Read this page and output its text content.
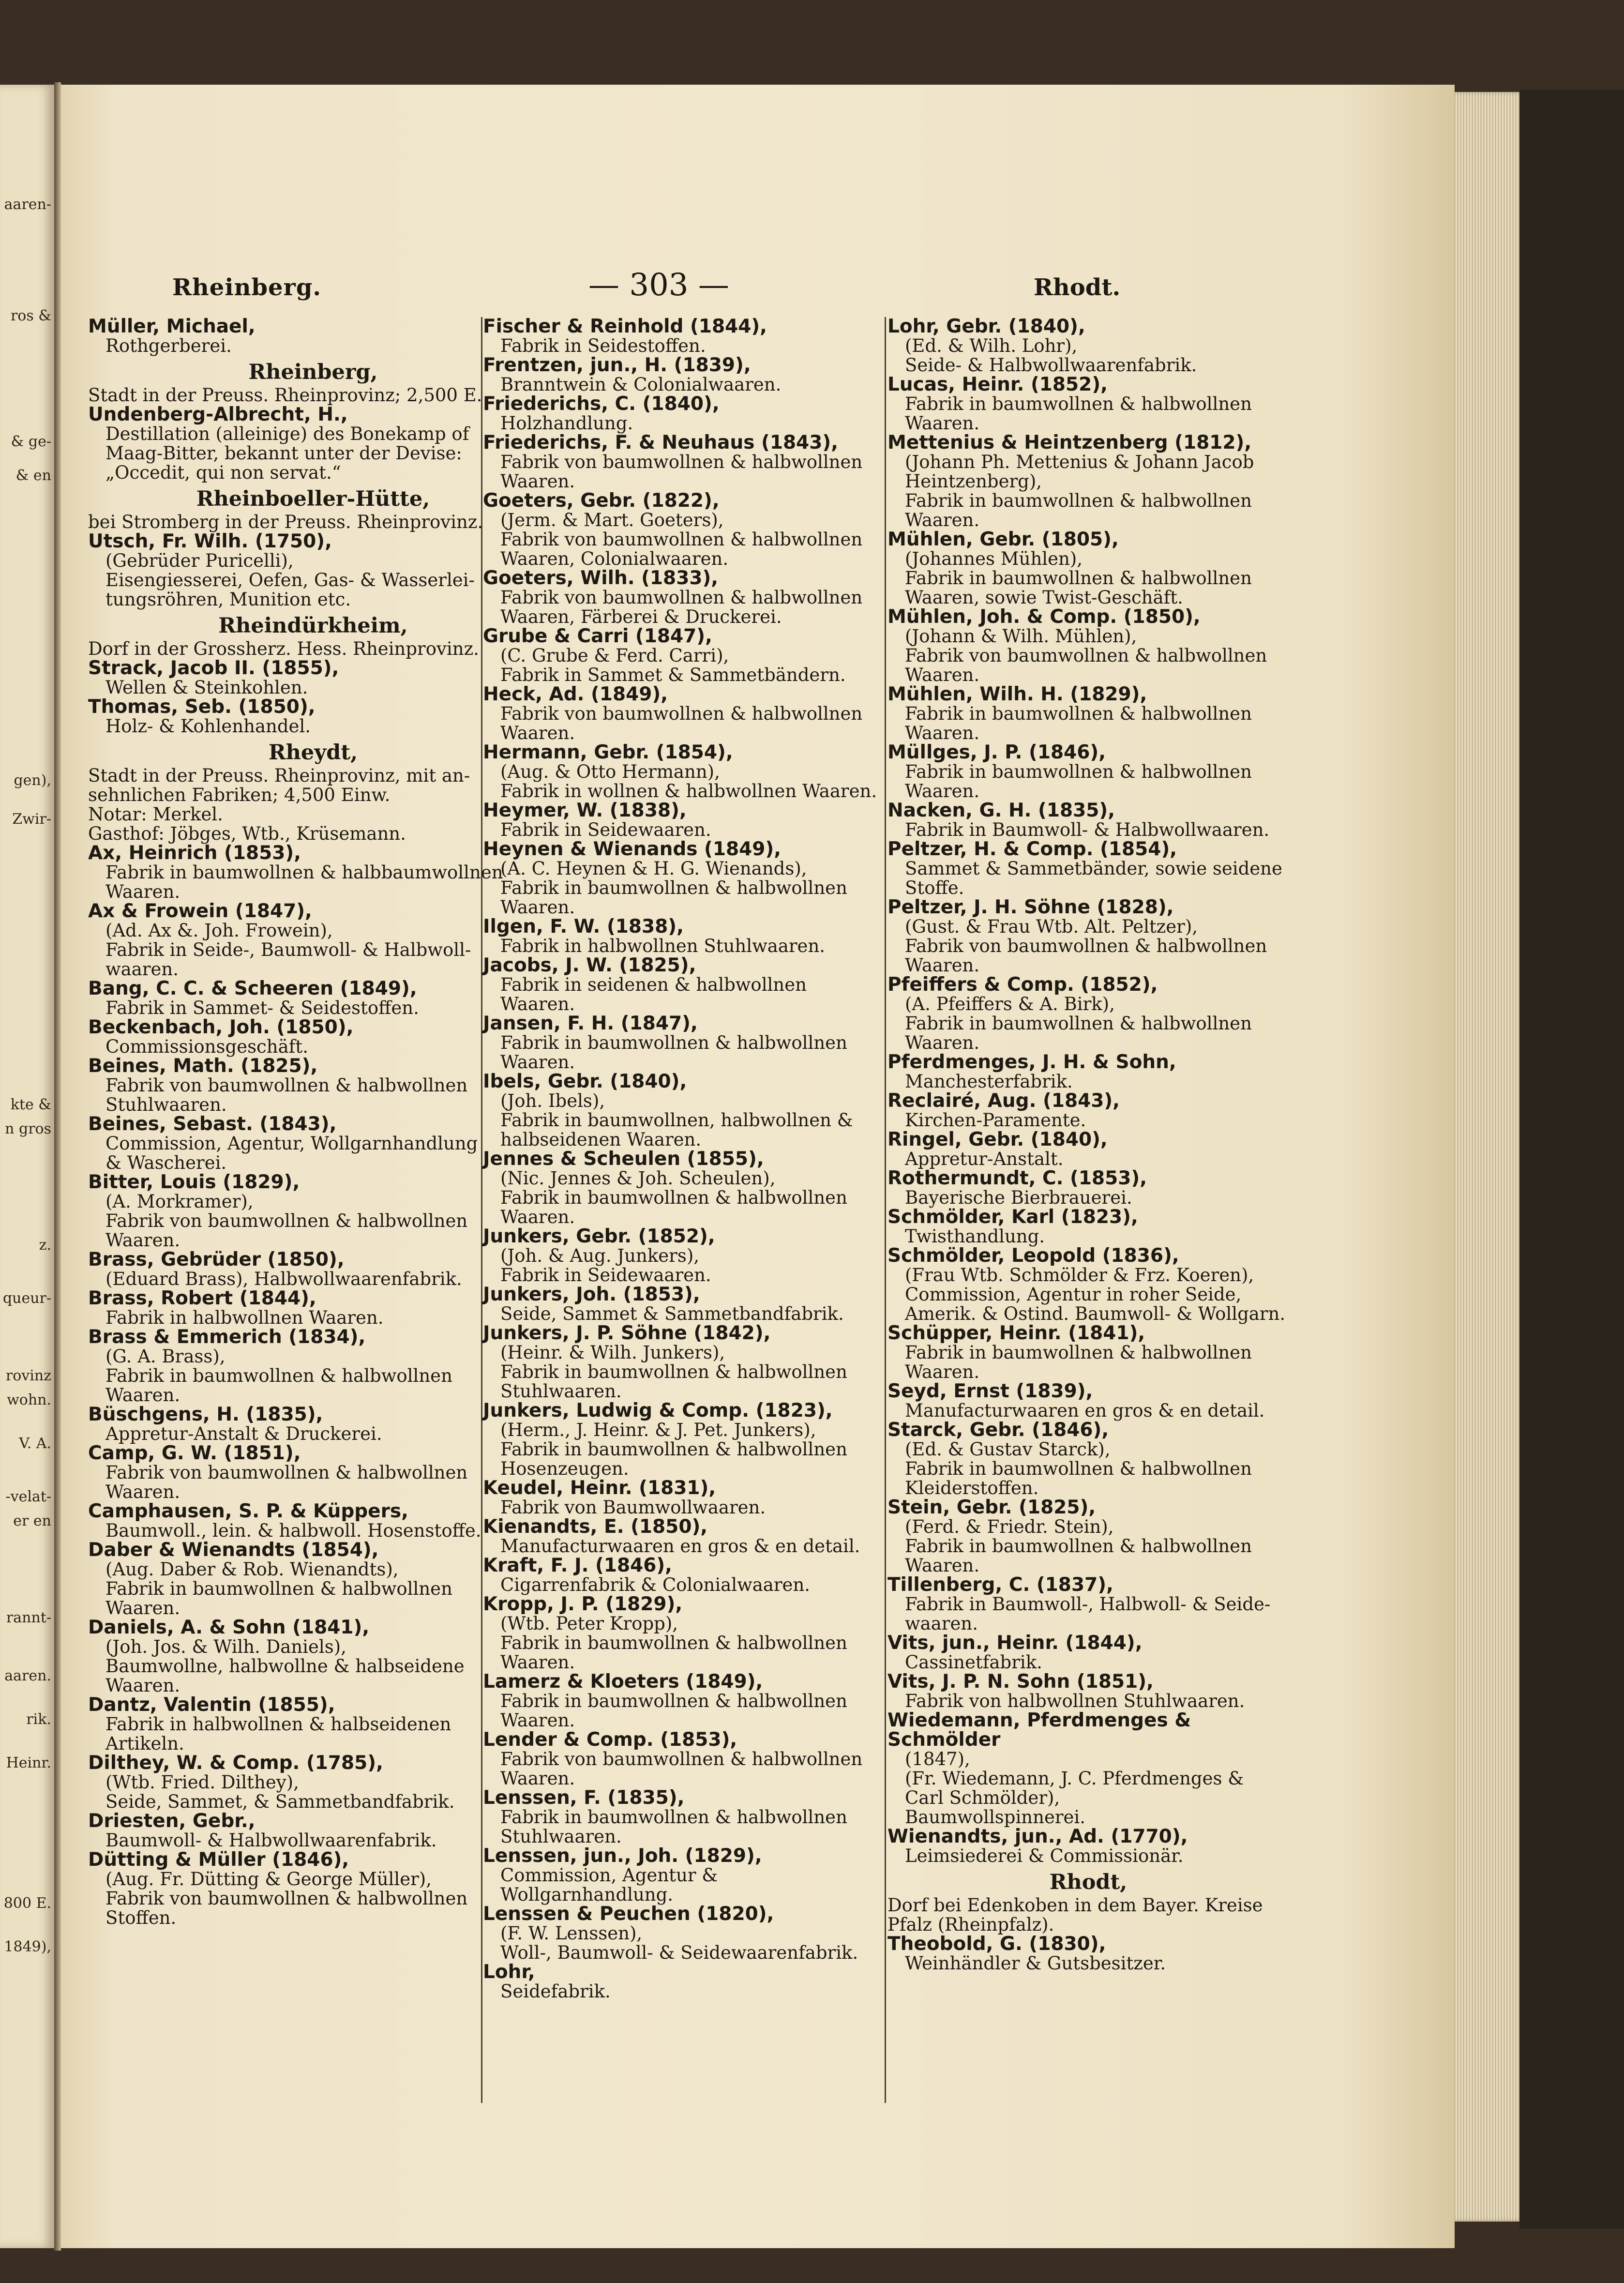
aaren-
ros &
& ge-
& en
gen),
Zwir-
kte &
n gros
z.
queur-
rovinz
wohn.
V. A.
-velat-
er en
rannt-
aaren.
rik.
Heinr.
800 E.
1849),
Rheinberg.	— 303 —	Rhodt.
Müller, Michael,
Rothgerberei.
Rheinberg,
Stadt in der Preuss. Rheinprovinz; 2,500 E.
Undenberg-Albrecht, H.,
Destillation (alleinige) des Bonekamp of
Maag-Bitter, bekannt unter der Devise:
„Occedit, qui non servat.“
Rheinboeller-Hütte,
bei Stromberg in der Preuss. Rheinprovinz.
Utsch, Fr. Wilh. (1750),
(Gebrüder Puricelli),
Eisengiesserei, Oefen, Gas- & Wasserlei-
tungsröhren, Munition etc.
Rheindürkheim,
Dorf in der Grossherz. Hess. Rheinprovinz.
Strack, Jacob II. (1855),
Wellen & Steinkohlen.
Thomas, Seb. (1850),
Holz- & Kohlenhandel.
Rheydt,
Stadt in der Preuss. Rheinprovinz, mit an-
sehnlichen Fabriken; 4,500 Einw.
Notar: Merkel.
Gasthof: Jöbges, Wtb., Krüsemann.
Ax, Heinrich (1853),
Fabrik in baumwollnen & halbbaumwollnen
Waaren.
Ax & Frowein (1847),
(Ad. Ax &. Joh. Frowein),
Fabrik in Seide-, Baumwoll- & Halbwoll-
waaren.
Bang, C. C. & Scheeren (1849),
Fabrik in Sammet- & Seidestoffen.
Beckenbach, Joh. (1850),
Commissionsgeschäft.
Beines, Math. (1825),
Fabrik von baumwollnen & halbwollnen
Stuhlwaaren.
Beines, Sebast. (1843),
Commission, Agentur, Wollgarnhandlung
& Wascherei.
Bitter, Louis (1829),
(A. Morkramer),
Fabrik von baumwollnen & halbwollnen
Waaren.
Brass, Gebrüder (1850),
(Eduard Brass), Halbwollwaarenfabrik.
Brass, Robert (1844),
Fabrik in halbwollnen Waaren.
Brass & Emmerich (1834),
(G. A. Brass),
Fabrik in baumwollnen & halbwollnen
Waaren.
Büschgens, H. (1835),
Appretur-Anstalt & Druckerei.
Camp, G. W. (1851),
Fabrik von baumwollnen & halbwollnen
Waaren.
Camphausen, S. P. & Küppers,
Baumwoll., lein. & halbwoll. Hosenstoffe.
Daber & Wienandts (1854),
(Aug. Daber & Rob. Wienandts),
Fabrik in baumwollnen & halbwollnen
Waaren.
Daniels, A. & Sohn (1841),
(Joh. Jos. & Wilh. Daniels),
Baumwollne, halbwollne & halbseidene
Waaren.
Dantz, Valentin (1855),
Fabrik in halbwollnen & halbseidenen
Artikeln.
Dilthey, W. & Comp. (1785),
(Wtb. Fried. Dilthey),
Seide, Sammet, & Sammetbandfabrik.
Driesten, Gebr.,
Baumwoll- & Halbwollwaarenfabrik.
Dütting & Müller (1846),
(Aug. Fr. Dütting & George Müller),
Fabrik von baumwollnen & halbwollnen
Stoffen.
Fischer & Reinhold (1844),
Fabrik in Seidestoffen.
Frentzen, jun., H. (1839),
Branntwein & Colonialwaaren.
Friederichs, C. (1840),
Holzhandlung.
Friederichs, F. & Neuhaus (1843),
Fabrik von baumwollnen & halbwollnen
Waaren.
Goeters, Gebr. (1822),
(Jerm. & Mart. Goeters),
Fabrik von baumwollnen & halbwollnen
Waaren, Colonialwaaren.
Goeters, Wilh. (1833),
Fabrik von baumwollnen & halbwollnen
Waaren, Färberei & Druckerei.
Grube & Carri (1847),
(C. Grube & Ferd. Carri),
Fabrik in Sammet & Sammetbändern.
Heck, Ad. (1849),
Fabrik von baumwollnen & halbwollnen
Waaren.
Hermann, Gebr. (1854),
(Aug. & Otto Hermann),
Fabrik in wollnen & halbwollnen Waaren.
Heymer, W. (1838),
Fabrik in Seidewaaren.
Heynen & Wienands (1849),
(A. C. Heynen & H. G. Wienands),
Fabrik in baumwollnen & halbwollnen
Waaren.
Ilgen, F. W. (1838),
Fabrik in halbwollnen Stuhlwaaren.
Jacobs, J. W. (1825),
Fabrik in seidenen & halbwollnen Waaren.
Jansen, F. H. (1847),
Fabrik in baumwollnen & halbwollnen
Waaren.
Ibels, Gebr. (1840),
(Joh. Ibels),
Fabrik in baumwollnen, halbwollnen &
halbseidenen Waaren.
Jennes & Scheulen (1855),
(Nic. Jennes & Joh. Scheulen),
Fabrik in baumwollnen & halbwollnen
Waaren.
Junkers, Gebr. (1852),
(Joh. & Aug. Junkers),
Fabrik in Seidewaaren.
Junkers, Joh. (1853),
Seide, Sammet & Sammetbandfabrik.
Junkers, J. P. Söhne (1842),
(Heinr. & Wilh. Junkers),
Fabrik in baumwollnen & halbwollnen
Stuhlwaaren.
Junkers, Ludwig & Comp. (1823),
(Herm., J. Heinr. & J. Pet. Junkers),
Fabrik in baumwollnen & halbwollnen
Hosenzeugen.
Keudel, Heinr. (1831),
Fabrik von Baumwollwaaren.
Kienandts, E. (1850),
Manufacturwaaren en gros & en detail.
Kraft, F. J. (1846),
Cigarrenfabrik & Colonialwaaren.
Kropp, J. P. (1829),
(Wtb. Peter Kropp),
Fabrik in baumwollnen & halbwollnen
Waaren.
Lamerz & Kloeters (1849),
Fabrik in baumwollnen & halbwollnen
Waaren.
Lender & Comp. (1853),
Fabrik von baumwollnen & halbwollnen
Waaren.
Lenssen, F. (1835),
Fabrik in baumwollnen & halbwollnen
Stuhlwaaren.
Lenssen, jun., Joh. (1829),
Commission, Agentur & Wollgarnhandlung.
Lenssen & Peuchen (1820),
(F. W. Lenssen),
Woll-, Baumwoll- & Seidewaarenfabrik.
Lohr,
Seidefabrik.
Lohr, Gebr. (1840),
(Ed. & Wilh. Lohr),
Seide- & Halbwollwaarenfabrik.
Lucas, Heinr. (1852),
Fabrik in baumwollnen & halbwollnen
Waaren.
Mettenius & Heintzenberg (1812),
(Johann Ph. Mettenius & Johann Jacob
Heintzenberg),
Fabrik in baumwollnen & halbwollnen
Waaren.
Mühlen, Gebr. (1805),
(Johannes Mühlen),
Fabrik in baumwollnen & halbwollnen
Waaren, sowie Twist-Geschäft.
Mühlen, Joh. & Comp. (1850),
(Johann & Wilh. Mühlen),
Fabrik von baumwollnen & halbwollnen
Waaren.
Mühlen, Wilh. H. (1829),
Fabrik in baumwollnen & halbwollnen
Waaren.
Müllges, J. P. (1846),
Fabrik in baumwollnen & halbwollnen
Waaren.
Nacken, G. H. (1835),
Fabrik in Baumwoll- & Halbwollwaaren.
Peltzer, H. & Comp. (1854),
Sammet & Sammetbänder, sowie seidene
Stoffe.
Peltzer, J. H. Söhne (1828),
(Gust. & Frau Wtb. Alt. Peltzer),
Fabrik von baumwollnen & halbwollnen
Waaren.
Pfeiffers & Comp. (1852),
(A. Pfeiffers & A. Birk),
Fabrik in baumwollnen & halbwollnen
Waaren.
Pferdmenges, J. H. & Sohn,
Manchesterfabrik.
Reclairé, Aug. (1843),
Kirchen-Paramente.
Ringel, Gebr. (1840),
Appretur-Anstalt.
Rothermundt, C. (1853),
Bayerische Bierbrauerei.
Schmölder, Karl (1823),
Twisthandlung.
Schmölder, Leopold (1836),
(Frau Wtb. Schmölder & Frz. Koeren),
Commission, Agentur in roher Seide,
Amerik. & Ostind. Baumwoll- & Wollgarn.
Schüpper, Heinr. (1841),
Fabrik in baumwollnen & halbwollnen
Waaren.
Seyd, Ernst (1839),
Manufacturwaaren en gros & en detail.
Starck, Gebr. (1846),
(Ed. & Gustav Starck),
Fabrik in baumwollnen & halbwollnen
Kleiderstoffen.
Stein, Gebr. (1825),
(Ferd. & Friedr. Stein),
Fabrik in baumwollnen & halbwollnen
Waaren.
Tillenberg, C. (1837),
Fabrik in Baumwoll-, Halbwoll- & Seide-
waaren.
Vits, jun., Heinr. (1844),
Cassinetfabrik.
Vits, J. P. N. Sohn (1851),
Fabrik von halbwollnen Stuhlwaaren.
Wiedemann, Pferdmenges & Schmölder
(1847),
(Fr. Wiedemann, J. C. Pferdmenges &
Carl Schmölder),
Baumwollspinnerei.
Wienandts, jun., Ad. (1770),
Leimsiederei & Commissionär.
Rhodt,
Dorf bei Edenkoben in dem Bayer. Kreise
Pfalz (Rheinpfalz).
Theobold, G. (1830),
Weinhändler & Gutsbesitzer.
